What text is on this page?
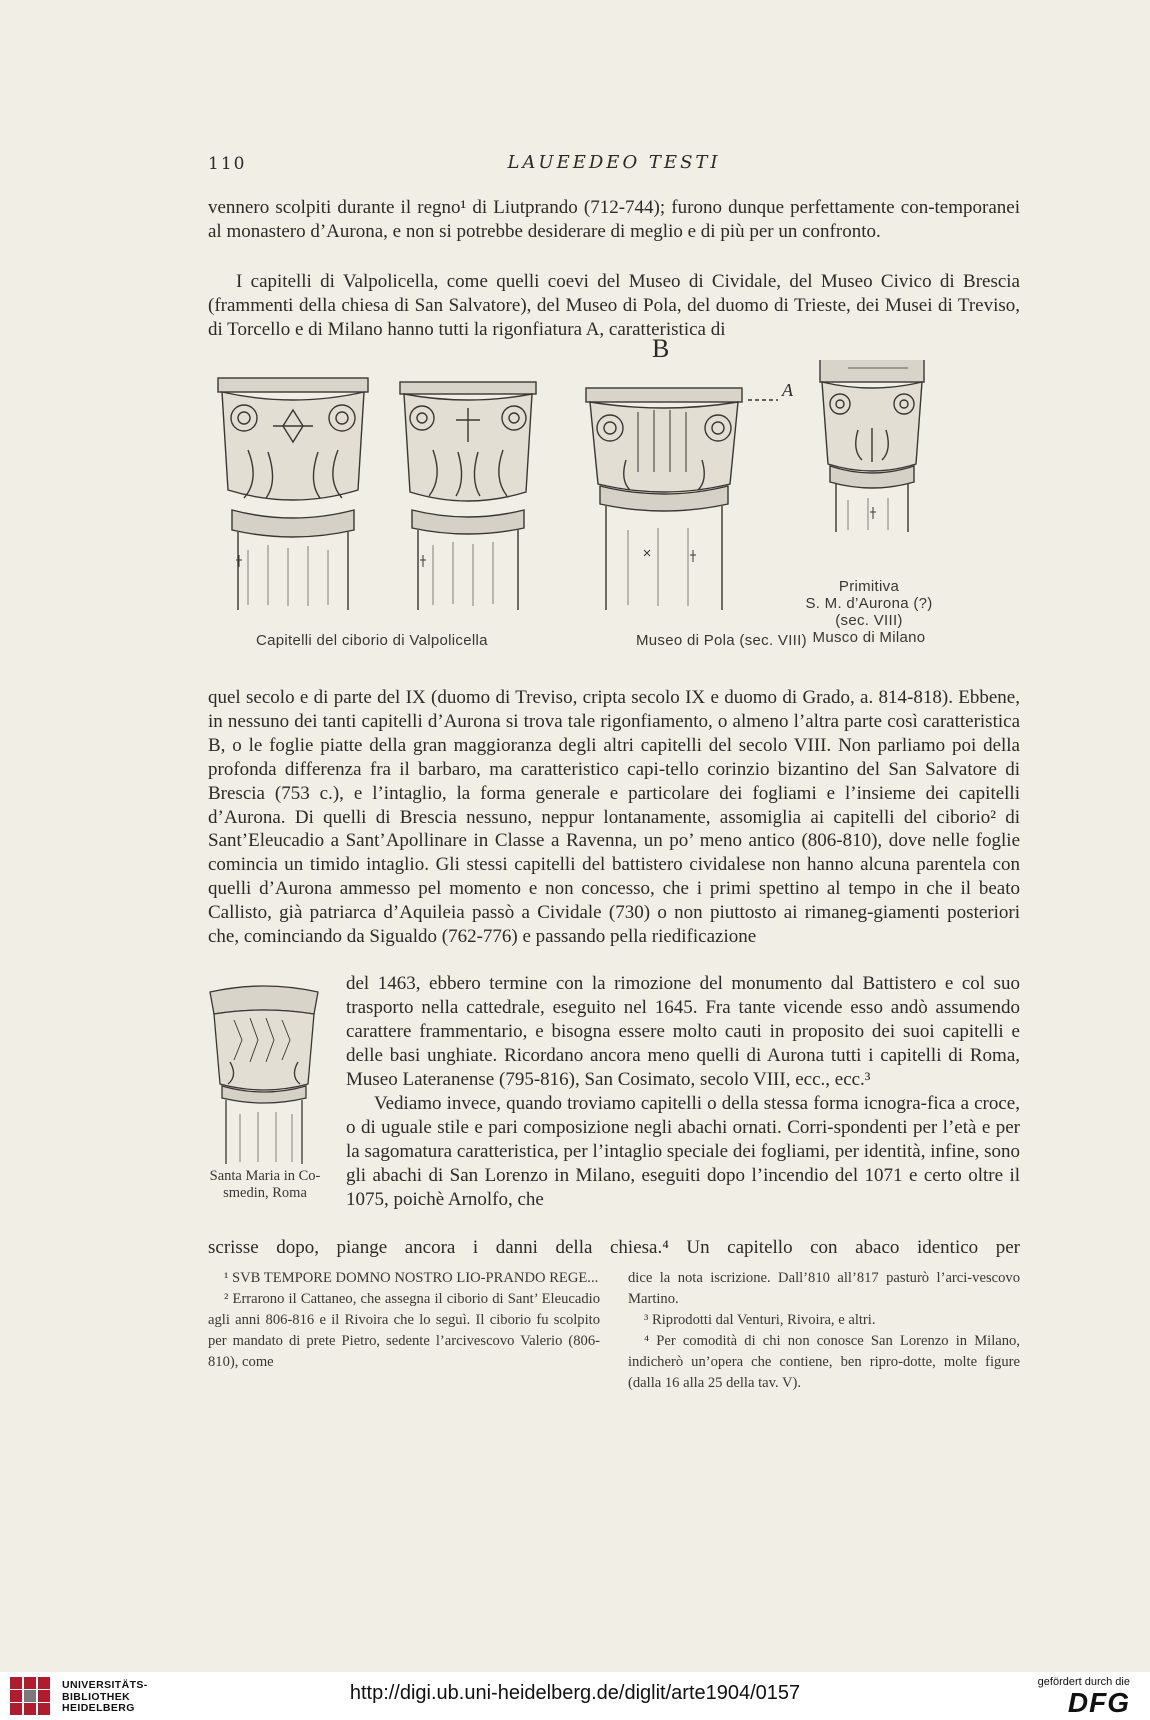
110	LAUEEDEO TESTI

vennero scolpiti durante il regno¹ di Liutprando (712-744); furono dunque perfettamente con-temporanei al monastero d’Aurona, e non si potrebbe desiderare di meglio e di più per un confronto.

I capitelli di Valpolicella, come quelli coevi del Museo di Cividale, del Museo Civico di Brescia (frammenti della chiesa di San Salvatore), del Museo di Pola, del duomo di Trieste, dei Musei di Treviso, di Torcello e di Milano hanno tutti la rigonfiatura A, caratteristica di

B
A
Capitelli del ciborio di Valpolicella	Museo di Pola (sec. VIII)
Primitiva
S. M. d’Aurona (?)
(sec. VIII)
Musco di Milano

quel secolo e di parte del IX (duomo di Treviso, cripta secolo IX e duomo di Grado, a. 814-818). Ebbene, in nessuno dei tanti capitelli d’Aurona si trova tale rigonfiamento, o almeno l’altra parte così caratteristica B, o le foglie piatte della gran maggioranza degli altri capitelli del secolo VIII. Non parliamo poi della profonda differenza fra il barbaro, ma caratteristico capi-tello corinzio bizantino del San Salvatore di Brescia (753 c.), e l’intaglio, la forma generale e particolare dei fogliami e l’insieme dei capitelli d’Aurona. Di quelli di Brescia nessuno, neppur lontanamente, assomiglia ai capitelli del ciborio² di Sant’Eleucadio a Sant’Apollinare in Classe a Ravenna, un po’ meno antico (806-810), dove nelle foglie comincia un timido intaglio. Gli stessi capitelli del battistero cividalese non hanno alcuna parentela con quelli d’Aurona ammesso pel momento e non concesso, che i primi spettino al tempo in che il beato Callisto, già patriarca d’Aquileia passò a Cividale (730) o non piuttosto ai rimaneg-giamenti posteriori che, cominciando da Sigualdo (762-776) e passando pella riedificazione

Santa Maria in Co-
smedin, Roma

del 1463, ebbero termine con la rimozione del monumento dal Battistero e col suo trasporto nella cattedrale, eseguito nel 1645. Fra tante vicende esso andò assumendo carattere frammentario, e bisogna essere molto cauti in proposito dei suoi capitelli e delle basi unghiate. Ricordano ancora meno quelli di Aurona tutti i capitelli di Roma, Museo Lateranense (795-816), San Cosimato, secolo VIII, ecc., ecc.³

Vediamo invece, quando troviamo capitelli o della stessa forma icnogra-fica a croce, o di uguale stile e pari composizione negli abachi ornati. Corri-spondenti per l’età e per la sagomatura caratteristica, per l’intaglio speciale dei fogliami, per identità, infine, sono gli abachi di San Lorenzo in Milano, eseguiti dopo l’incendio del 1071 e certo oltre il 1075, poichè Arnolfo, che

scrisse dopo, piange ancora i danni della chiesa.⁴ Un capitello con abaco identico per

¹ SVB TEMPORE DOMNO NOSTRO LIO-PRANDO REGE...

² Errarono il Cattaneo, che assegna il ciborio di Sant’ Eleucadio agli anni 806-816 e il Rivoira che lo seguì. Il ciborio fu scolpito per mandato di prete Pietro, sedente l’arcivescovo Valerio (806-810), come

dice la nota iscrizione. Dall’810 all’817 pasturò l’arci-vescovo Martino.

³ Riprodotti dal Venturi, Rivoira, e altri.

⁴ Per comodità di chi non conosce San Lorenzo in Milano, indicherò un’opera che contiene, ben ripro-dotte, molte figure (dalla 16 alla 25 della tav. V).

UNIVERSITÄTS-
BIBLIOTHEK
HEIDELBERG
http://digi.ub.uni-heidelberg.de/diglit/arte1904/0157	gefördert durch die
DFG
